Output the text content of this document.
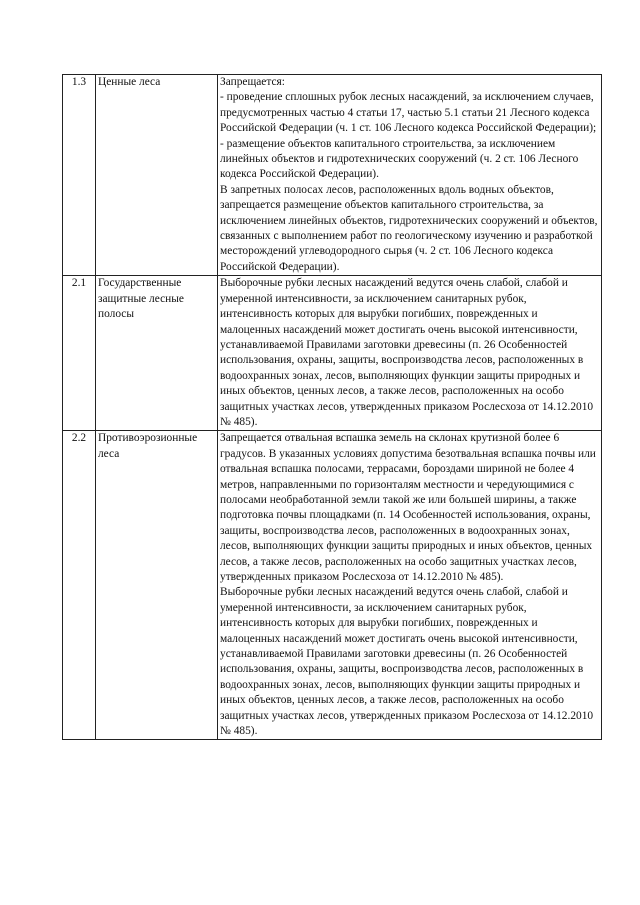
1.3	Ценные леса	Запрещается:
- проведение сплошных рубок лесных насаждений, за исключением случаев, предусмотренных частью 4 статьи 17, частью 5.1 статьи 21 Лесного кодекса Российской Федерации (ч. 1 ст. 106 Лесного кодекса Российской Федерации);
- размещение объектов капитального строительства, за исключением линейных объектов и гидротехнических сооружений (ч. 2 ст. 106 Лесного кодекса Российской Федерации).
В запретных полосах лесов, расположенных вдоль водных объектов, запрещается размещение объектов капитального строительства, за исключением линейных объектов, гидротехнических сооружений и объектов, связанных с выполнением работ по геологическому изучению и разработкой месторождений углеводородного сырья (ч. 2 ст. 106 Лесного кодекса Российской Федерации).

2.1	Государственные защитные лесные полосы	Выборочные рубки лесных насаждений ведутся очень слабой, слабой и умеренной интенсивности, за исключением санитарных рубок, интенсивность которых для вырубки погибших, поврежденных и малоценных насаждений может достигать очень высокой интенсивности, устанавливаемой Правилами заготовки древесины (п. 26 Особенностей использования, охраны, защиты, воспроизводства лесов, расположенных в водоохранных зонах, лесов, выполняющих функции защиты природных и иных объектов, ценных лесов, а также лесов, расположенных на особо защитных участках лесов, утвержденных приказом Рослесхоза от 14.12.2010 № 485).

2.2	Противоэрозионные леса	Запрещается отвальная вспашка земель на склонах крутизной более 6 градусов. В указанных условиях допустима безотвальная вспашка почвы или отвальная вспашка полосами, террасами, бороздами шириной не более 4 метров, направленными по горизонталям местности и чередующимися с полосами необработанной земли такой же или большей ширины, а также подготовка почвы площадками (п. 14 Особенностей использования, охраны, защиты, воспроизводства лесов, расположенных в водоохранных зонах, лесов, выполняющих функции защиты природных и иных объектов, ценных лесов, а также лесов, расположенных на особо защитных участках лесов, утвержденных приказом Рослесхоза от 14.12.2010 № 485).
Выборочные рубки лесных насаждений ведутся очень слабой, слабой и умеренной интенсивности, за исключением санитарных рубок, интенсивность которых для вырубки погибших, поврежденных и малоценных насаждений может достигать очень высокой интенсивности, устанавливаемой Правилами заготовки древесины (п. 26 Особенностей использования, охраны, защиты, воспроизводства лесов, расположенных в водоохранных зонах, лесов, выполняющих функции защиты природных и иных объектов, ценных лесов, а также лесов, расположенных на особо защитных участках лесов, утвержденных приказом Рослесхоза от 14.12.2010 № 485).
